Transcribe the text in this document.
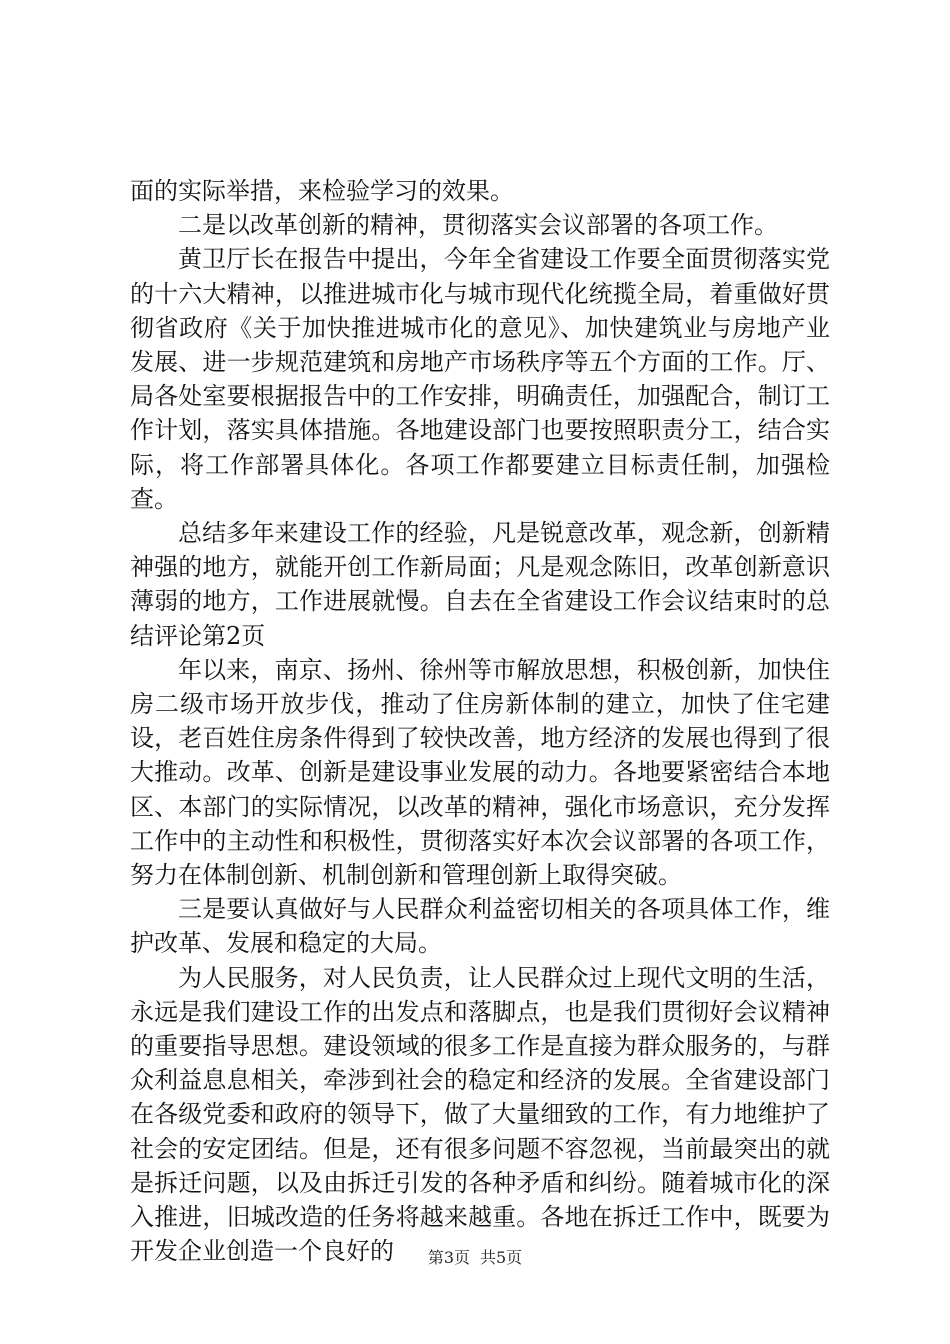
面的实际举措，来检验学习的效果。

二是以改革创新的精神，贯彻落实会议部署的各项工作。

黄卫厅长在报告中提出，今年全省建设工作要全面贯彻落实党的十六大精神，以推进城市化与城市现代化统揽全局，着重做好贯彻省政府《关于加快推进城市化的意见》、加快建筑业与房地产业发展、进一步规范建筑和房地产市场秩序等五个方面的工作。厅、局各处室要根据报告中的工作安排，明确责任，加强配合，制订工作计划，落实具体措施。各地建设部门也要按照职责分工，结合实际，将工作部署具体化。各项工作都要建立目标责任制，加强检查。

总结多年来建设工作的经验，凡是锐意改革，观念新，创新精神强的地方，就能开创工作新局面；凡是观念陈旧，改革创新意识薄弱的地方，工作进展就慢。自去在全省建设工作会议结束时的总结评论第2页

年以来，南京、扬州、徐州等市解放思想，积极创新，加快住房二级市场开放步伐，推动了住房新体制的建立，加快了住宅建设，老百姓住房条件得到了较快改善，地方经济的发展也得到了很大推动。改革、创新是建设事业发展的动力。各地要紧密结合本地区、本部门的实际情况，以改革的精神，强化市场意识，充分发挥工作中的主动性和积极性，贯彻落实好本次会议部署的各项工作，努力在体制创新、机制创新和管理创新上取得突破。

三是要认真做好与人民群众利益密切相关的各项具体工作，维护改革、发展和稳定的大局。

为人民服务，对人民负责，让人民群众过上现代文明的生活，永远是我们建设工作的出发点和落脚点，也是我们贯彻好会议精神的重要指导思想。建设领域的很多工作是直接为群众服务的，与群众利益息息相关，牵涉到社会的稳定和经济的发展。全省建设部门在各级党委和政府的领导下，做了大量细致的工作，有力地维护了社会的安定团结。但是，还有很多问题不容忽视，当前最突出的就是拆迁问题，以及由拆迁引发的各种矛盾和纠纷。随着城市化的深入推进，旧城改造的任务将越来越重。各地在拆迁工作中，既要为开发企业创造一个良好的	第3页 共5页
